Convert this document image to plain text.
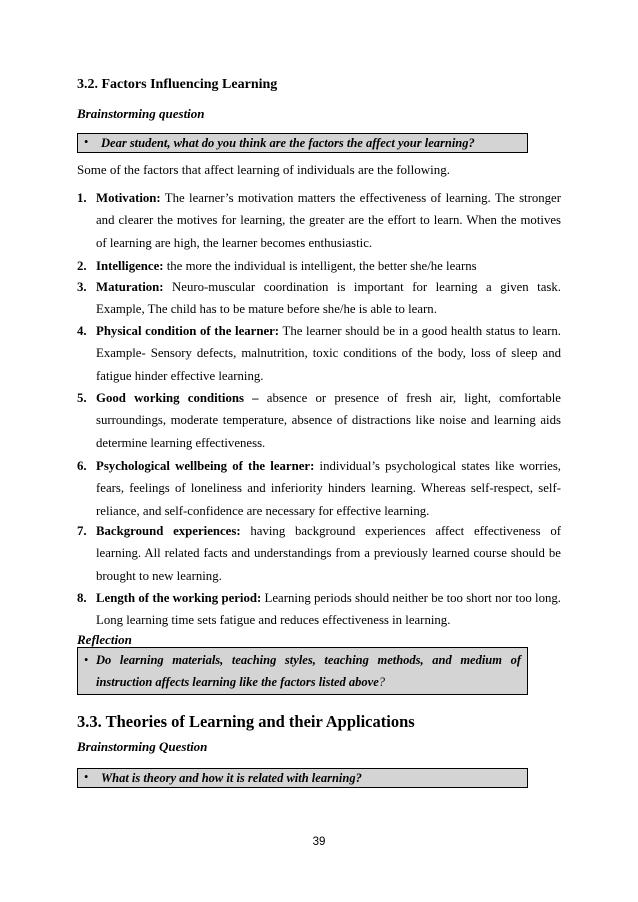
3.2. Factors Influencing Learning
Brainstorming question
• Dear student, what do you think are the factors the affect your learning?
Some of the factors that affect learning of individuals are the following.
1. Motivation: The learner’s motivation matters the effectiveness of learning. The stronger and clearer the motives for learning, the greater are the effort to learn. When the motives of learning are high, the learner becomes enthusiastic.
2. Intelligence: the more the individual is intelligent, the better she/he learns
3. Maturation: Neuro-muscular coordination is important for learning a given task. Example, The child has to be mature before she/he is able to learn.
4. Physical condition of the learner: The learner should be in a good health status to learn. Example- Sensory defects, malnutrition, toxic conditions of the body, loss of sleep and fatigue hinder effective learning.
5. Good working conditions – absence or presence of fresh air, light, comfortable surroundings, moderate temperature, absence of distractions like noise and learning aids determine learning effectiveness.
6. Psychological wellbeing of the learner: individual’s psychological states like worries, fears, feelings of loneliness and inferiority hinders learning. Whereas self-respect, self-reliance, and self-confidence are necessary for effective learning.
7. Background experiences: having background experiences affect effectiveness of learning. All related facts and understandings from a previously learned course should be brought to new learning.
8. Length of the working period: Learning periods should neither be too short nor too long. Long learning time sets fatigue and reduces effectiveness in learning.
Reflection
• Do learning materials, teaching styles, teaching methods, and medium of instruction affects learning like the factors listed above?
3.3. Theories of Learning and their Applications
Brainstorming Question
• What is theory and how it is related with learning?
39
